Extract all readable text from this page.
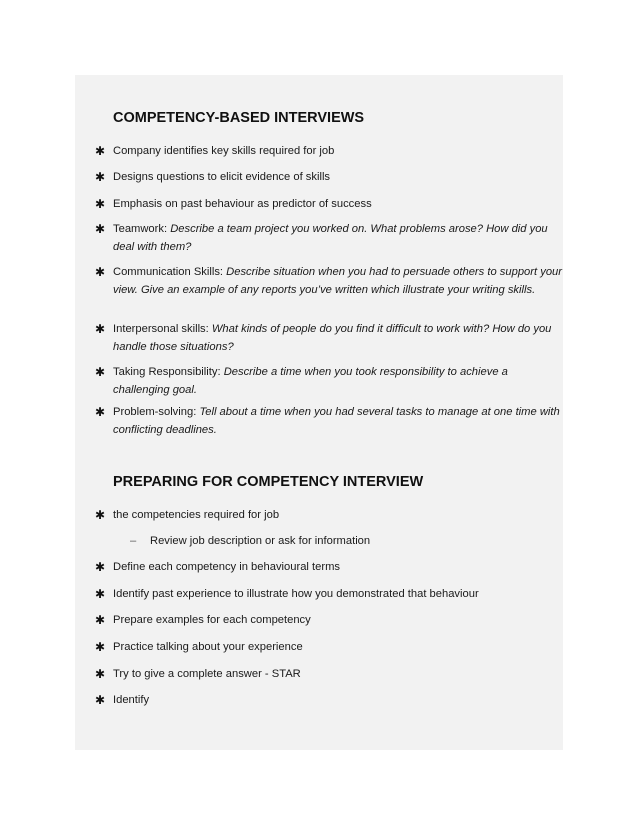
COMPETENCY-BASED INTERVIEWS
✱ Company identifies key skills required for job
✱ Designs questions to elicit evidence of skills
✱ Emphasis on past behaviour as predictor of success
✱ Teamwork: Describe a team project you worked on. What problems arose? How did you deal with them?
✱ Communication Skills: Describe situation when you had to persuade others to support your view. Give an example of any reports you’ve written which illustrate your writing skills.
✱ Interpersonal skills: What kinds of people do you find it difficult to work with? How do you handle those situations?
✱ Taking Responsibility: Describe a time when you took responsibility to achieve a challenging goal.
✱ Problem-solving: Tell about a time when you had several tasks to manage at one time with conflicting deadlines.
PREPARING FOR COMPETENCY INTERVIEW
✱ the competencies required for job
– Review job description or ask for information
✱ Define each competency in behavioural terms
✱ Identify past experience to illustrate how you demonstrated that behaviour
✱ Prepare examples for each competency
✱ Practice talking about your experience
✱ Try to give a complete answer - STAR
✱ Identify
